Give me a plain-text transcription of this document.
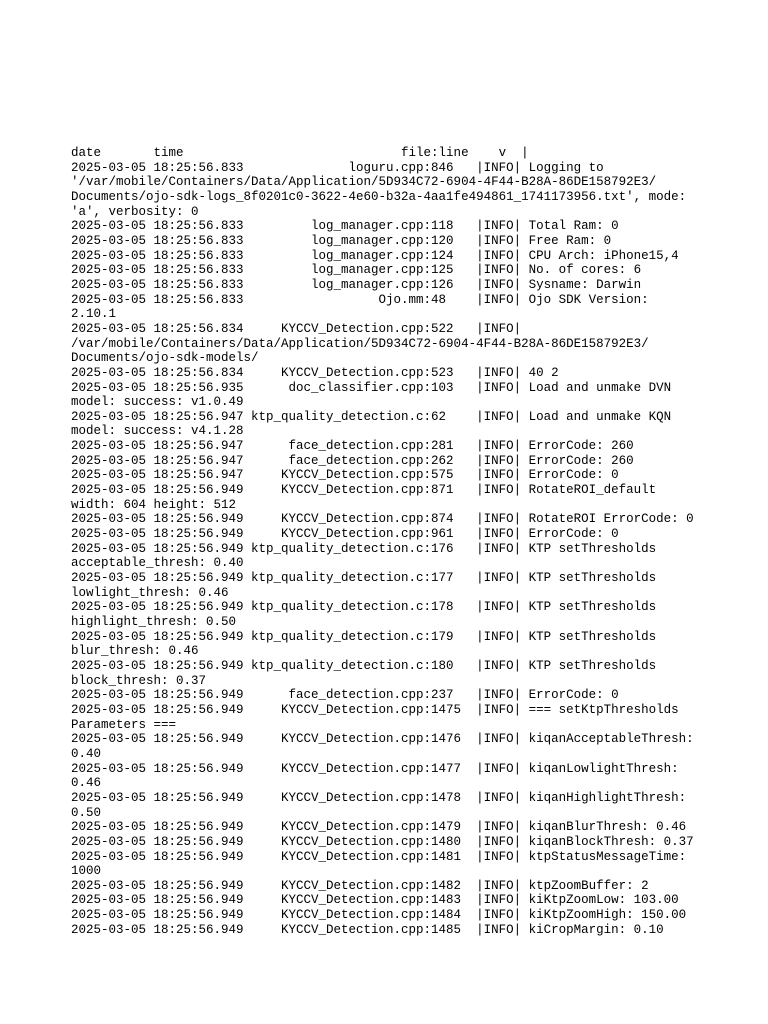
date       time                             file:line    v  |
2025-03-05 18:25:56.833              loguru.cpp:846   |INFO| Logging to
'/var/mobile/Containers/Data/Application/5D934C72-6904-4F44-B28A-86DE158792E3/
Documents/ojo-sdk-logs_8f0201c0-3622-4e60-b32a-4aa1fe494861_1741173956.txt', mode:
'a', verbosity: 0
2025-03-05 18:25:56.833         log_manager.cpp:118   |INFO| Total Ram: 0
2025-03-05 18:25:56.833         log_manager.cpp:120   |INFO| Free Ram: 0
2025-03-05 18:25:56.833         log_manager.cpp:124   |INFO| CPU Arch: iPhone15,4
2025-03-05 18:25:56.833         log_manager.cpp:125   |INFO| No. of cores: 6
2025-03-05 18:25:56.833         log_manager.cpp:126   |INFO| Sysname: Darwin
2025-03-05 18:25:56.833                  Ojo.mm:48    |INFO| Ojo SDK Version:
2.10.1
2025-03-05 18:25:56.834     KYCCV_Detection.cpp:522   |INFO|
/var/mobile/Containers/Data/Application/5D934C72-6904-4F44-B28A-86DE158792E3/
Documents/ojo-sdk-models/
2025-03-05 18:25:56.834     KYCCV_Detection.cpp:523   |INFO| 40 2
2025-03-05 18:25:56.935      doc_classifier.cpp:103   |INFO| Load and unmake DVN
model: success: v1.0.49
2025-03-05 18:25:56.947 ktp_quality_detection.c:62    |INFO| Load and unmake KQN
model: success: v4.1.28
2025-03-05 18:25:56.947      face_detection.cpp:281   |INFO| ErrorCode: 260
2025-03-05 18:25:56.947      face_detection.cpp:262   |INFO| ErrorCode: 260
2025-03-05 18:25:56.947     KYCCV_Detection.cpp:575   |INFO| ErrorCode: 0
2025-03-05 18:25:56.949     KYCCV_Detection.cpp:871   |INFO| RotateROI_default
width: 604 height: 512
2025-03-05 18:25:56.949     KYCCV_Detection.cpp:874   |INFO| RotateROI ErrorCode: 0
2025-03-05 18:25:56.949     KYCCV_Detection.cpp:961   |INFO| ErrorCode: 0
2025-03-05 18:25:56.949 ktp_quality_detection.c:176   |INFO| KTP setThresholds
acceptable_thresh: 0.40
2025-03-05 18:25:56.949 ktp_quality_detection.c:177   |INFO| KTP setThresholds
lowlight_thresh: 0.46
2025-03-05 18:25:56.949 ktp_quality_detection.c:178   |INFO| KTP setThresholds
highlight_thresh: 0.50
2025-03-05 18:25:56.949 ktp_quality_detection.c:179   |INFO| KTP setThresholds
blur_thresh: 0.46
2025-03-05 18:25:56.949 ktp_quality_detection.c:180   |INFO| KTP setThresholds
block_thresh: 0.37
2025-03-05 18:25:56.949      face_detection.cpp:237   |INFO| ErrorCode: 0
2025-03-05 18:25:56.949     KYCCV_Detection.cpp:1475  |INFO| === setKtpThresholds
Parameters ===
2025-03-05 18:25:56.949     KYCCV_Detection.cpp:1476  |INFO| kiqanAcceptableThresh:
0.40
2025-03-05 18:25:56.949     KYCCV_Detection.cpp:1477  |INFO| kiqanLowlightThresh:
0.46
2025-03-05 18:25:56.949     KYCCV_Detection.cpp:1478  |INFO| kiqanHighlightThresh:
0.50
2025-03-05 18:25:56.949     KYCCV_Detection.cpp:1479  |INFO| kiqanBlurThresh: 0.46
2025-03-05 18:25:56.949     KYCCV_Detection.cpp:1480  |INFO| kiqanBlockThresh: 0.37
2025-03-05 18:25:56.949     KYCCV_Detection.cpp:1481  |INFO| ktpStatusMessageTime:
1000
2025-03-05 18:25:56.949     KYCCV_Detection.cpp:1482  |INFO| ktpZoomBuffer: 2
2025-03-05 18:25:56.949     KYCCV_Detection.cpp:1483  |INFO| kiKtpZoomLow: 103.00
2025-03-05 18:25:56.949     KYCCV_Detection.cpp:1484  |INFO| kiKtpZoomHigh: 150.00
2025-03-05 18:25:56.949     KYCCV_Detection.cpp:1485  |INFO| kiCropMargin: 0.10
